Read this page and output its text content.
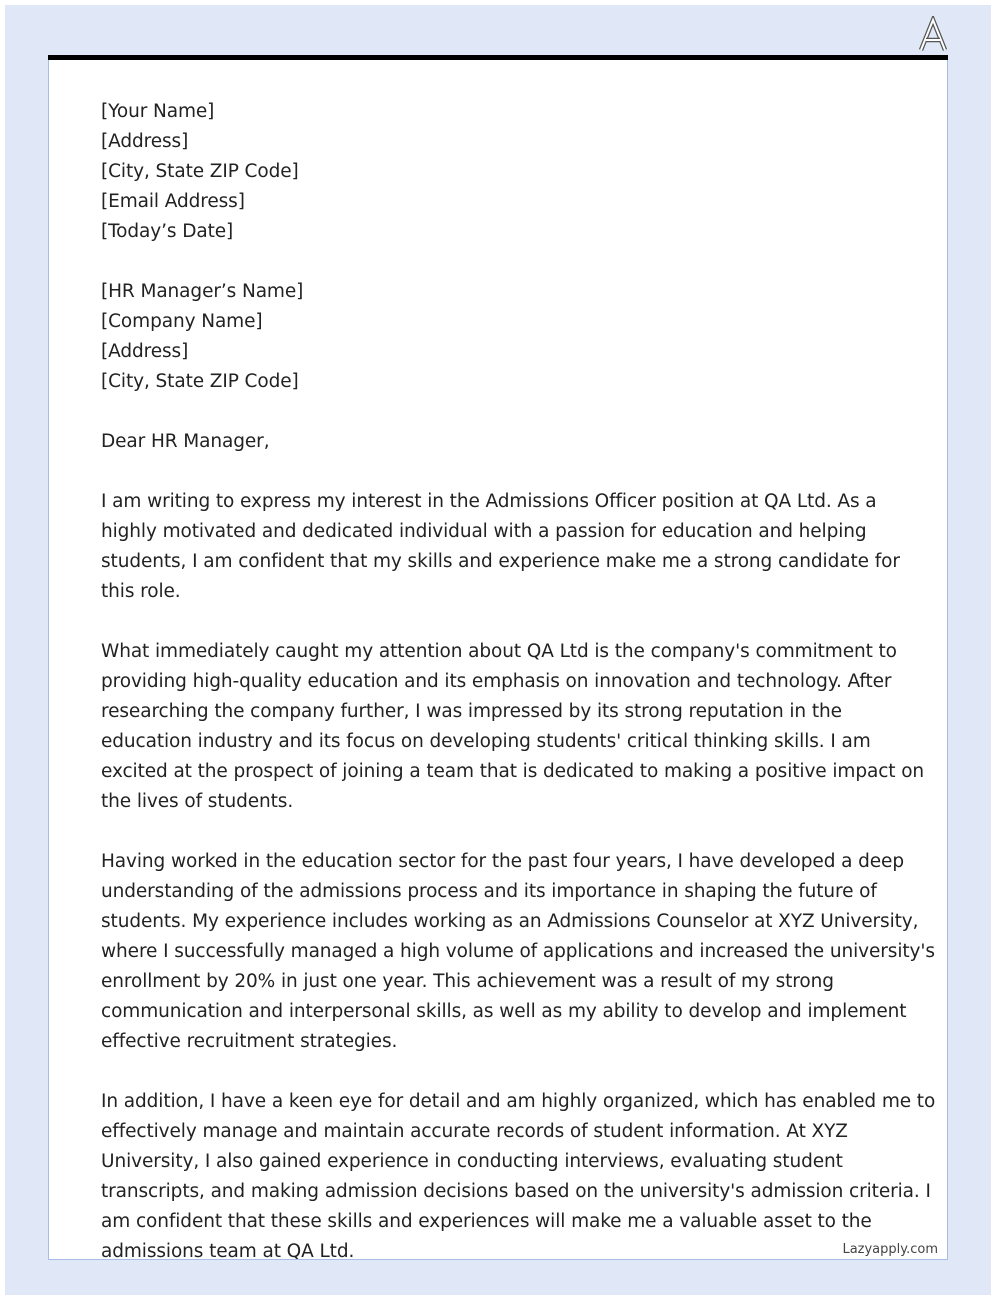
[Your Name]
[Address]
[City, State ZIP Code]
[Email Address]
[Today’s Date]
[HR Manager’s Name]
[Company Name]
[Address]
[City, State ZIP Code]
Dear HR Manager,
I am writing to express my interest in the Admissions Officer position at QA Ltd. As a
highly motivated and dedicated individual with a passion for education and helping
students, I am confident that my skills and experience make me a strong candidate for
this role.
What immediately caught my attention about QA Ltd is the company's commitment to
providing high-quality education and its emphasis on innovation and technology. After
researching the company further, I was impressed by its strong reputation in the
education industry and its focus on developing students' critical thinking skills. I am
excited at the prospect of joining a team that is dedicated to making a positive impact on
the lives of students.
Having worked in the education sector for the past four years, I have developed a deep
understanding of the admissions process and its importance in shaping the future of
students. My experience includes working as an Admissions Counselor at XYZ University,
where I successfully managed a high volume of applications and increased the university's
enrollment by 20% in just one year. This achievement was a result of my strong
communication and interpersonal skills, as well as my ability to develop and implement
effective recruitment strategies.
In addition, I have a keen eye for detail and am highly organized, which has enabled me to
effectively manage and maintain accurate records of student information. At XYZ
University, I also gained experience in conducting interviews, evaluating student
transcripts, and making admission decisions based on the university's admission criteria. I
am confident that these skills and experiences will make me a valuable asset to the
admissions team at QA Ltd.	Lazyapply.com
